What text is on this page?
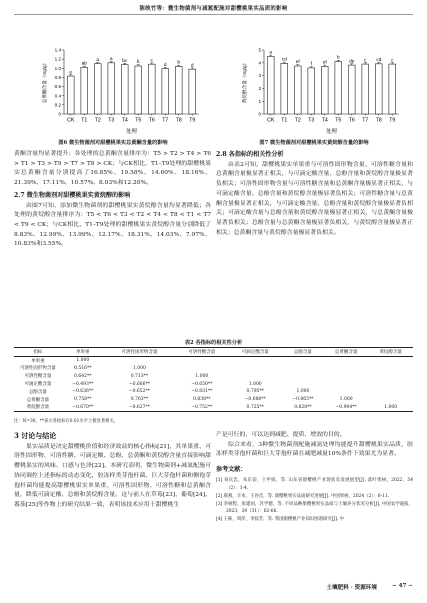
陈映竹等：微生物菌剂与减氮配施对甜樱桃果实品质的影响
0
0.2
0.4
0.6
0.8
1.0
1.2
1.4
e
CK
ab
T1
a
T2
a
T3
bc
T4
b
T5
c
T6
d
T7
b
T8
d
T9
处理
总黄酮含量（mg/g）
图6 微生物菌剂对甜樱桃果实总黄酮含量的影响
0
1
2
3
4
5
a
CK
cd
T1
ef
T2
f
T3
ef
T4
b
T5
de
T6
c
T7
cd
T8
c
T9
处理
黄烷醇含量（mg/g）
图7 微生物菌剂对甜樱桃果实黄烷醇含量的影响

黄酮含量均显著提升；各处理的总黄酮含量排序为：T5 > T2 > T4 > T6 > T1 > T3 > T9 > T7 > T8 > CK；与CK相比，T1–T9处理的甜樱桃果实总黄酮含量分别提高了16.85%、19.58%、14.60%、18.16%、21.39%、17.11%、10.57%、8.03%和12.20%。

2.7 微生物菌剂对甜樱桃果实黄烷醇的影响

由图7可知，添加微生物菌剂的甜樱桃果实黄烷醇含量均显著降低；各处理的黄烷醇含量排序为：T5 < T6 < T3 < T2 < T4 < T8 < T1 < T7 < T9 < CK；与CK相比，T1–T9处理的甜樱桃果实黄烷醇含量分别降低了8.83%、12.99%、13.99%、12.17%、18.31%、14.03%、7.97%、10.83%和3.55%。

2.8 各指标的相关性分析

由表2可知，甜樱桃果实单果重与可溶性固形物含量、可溶性糖含量和总黄酮含量极显著正相关，与可滴定酸含量、总酚含量和黄烷醇含量极显著负相关；可溶性固形物含量与可溶性糖含量和总黄酮含量极显著正相关，与可滴定酸含量、总酚含量和黄烷醇含量极显著负相关；可溶性糖含量与总黄酮含量极显著正相关，与可滴定酸含量、总酚含量和黄烷醇含量极显著负相关；可滴定酸含量与总酚含量和黄烷醇含量极显著正相关，与总黄酮含量极显著负相关；总酚含量与总黄酮含量极显著负相关，与黄烷醇含量极显著正相关；总黄酮含量与黄烷醇含量极显著负相关。

表2 各指标的相关性分析
指标	单果重	可溶性固形物含量	可溶性糖含量	可滴定酸含量	总酚含量	总黄酮含量	黄烷醇含量
单果重	1.000						
可溶性固形物含量	0.516**	1.000					
可溶性糖含量	0.642**	0.713**	1.000				
可滴定酸含量	−0.493**	−0.666**	−0.650**	1.000			
总酚含量	−0.636**	−0.652**	−0.831**	0.795**	1.000		
总黄酮含量	0.758**	0.763**	0.838**	−0.688**	−0.865**	1.000	
黄烷醇含量	−0.670**	−0.627**	−0.752**	0.725**	0.828**	−0.904**	1.000
注：N=30。**表示各指标在0.01水平上极显著相关。
3 讨论与结论

果实品质是决定甜樱桃价值和经济效益的核心指标[21]，其单果重、可溶性固形物、可溶性糖、可滴定酸、总酚、总黄酮和黄烷醇含量直接影响甜樱桃果实的风味、口感与色泽[22]。本研究表明，微生物菌剂+减氮配施可协同调控上述指标的动态变化，胶冻样类芽孢杆菌、巨大芽孢杆菌和侧孢芽孢杆菌均能提高甜樱桃果实单果重、可溶性固形物、可溶性糖和总黄酮含量，降低可滴定酸、总酚和黄烷醇含量。这与前人在草莓[23]、葡萄[24]、番茄[25]等作物上的研究结果一致，表明该技术应用于甜樱桃生

产是可行的，可以达到减肥、提质、增效的目的。

综合来看，3种微生物菌剂配施减氮处理均能提升甜樱桃果实品质，胶冻样类芽孢杆菌和巨大芽孢杆菌在减肥减量10%条件下效果尤为显著。

参考文献：
[1] 刘庆忠，朱东姿，王甲威，等. 山东省甜樱桃产业现状及发展展望[J]. 落叶果树，2022，54（2）：1-4.
[2] 郝燕，辛本，王谷音，等. 甜樱桃果实品质研究进展[J]. 中国果树，2024（2）：6-11.
[3] 李树程，张建国，苏学德，等. 不同品种甜樱桃果实品质与土壤养分状况分析[J]. 中国农学通报，2023，39（31）：62-66.
[4] 王栋，周萍，李骑芳，等. 我国甜樱桃产业知识图谱研究[J]. 中
土壤肥料 · 资源环境	− 47 −
